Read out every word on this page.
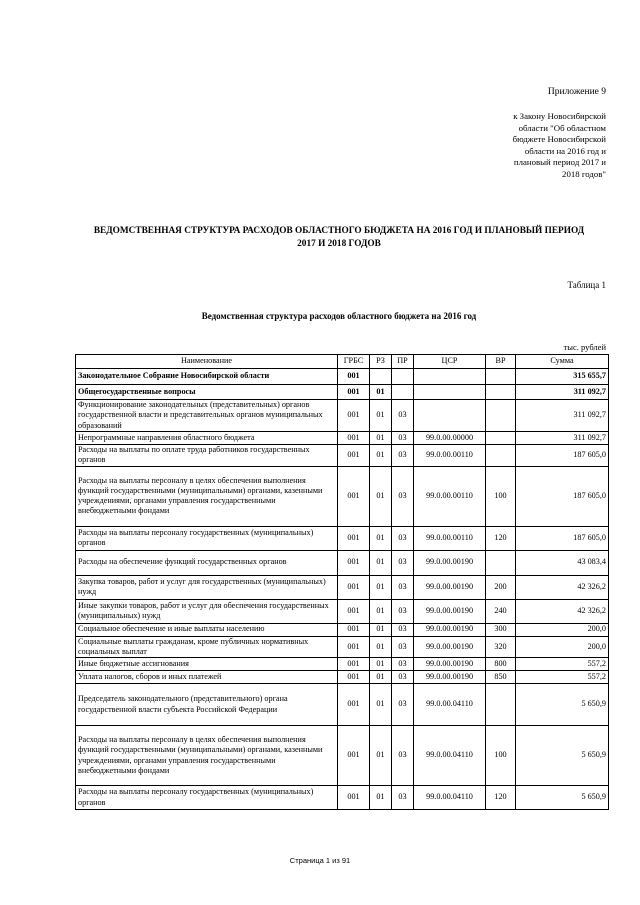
Приложение 9
к Закону Новосибирской
области "Об областном
бюджете Новосибирской
области на 2016 год и
плановый период 2017 и
2018 годов"
ВЕДОМСТВЕННАЯ СТРУКТУРА РАСХОДОВ ОБЛАСТНОГО БЮДЖЕТА НА 2016 ГОД И ПЛАНОВЫЙ ПЕРИОД
2017 И 2018 ГОДОВ
Таблица 1
Ведомственная структура расходов областного бюджета на 2016 год
тыс. рублей
Наименование	ГРБС	РЗ	ПР	ЦСР	ВР	Сумма
Законодательное Собрание Новосибирской области	001					315 655,7
Общегосударственные вопросы	001	01				311 092,7
Функционирование законодательных (представительных) органов государственной власти и представительных органов муниципальных образований	001	01	03			311 092,7
Непрограммные направления областного бюджета	001	01	03	99.0.00.00000		311 092,7
Расходы на выплаты по оплате труда работников государственных органов	001	01	03	99.0.00.00110		187 605,0
Расходы на выплаты персоналу в целях обеспечения выполнения функций государственными (муниципальными) органами, казенными учреждениями, органами управления государственными внебюджетными фондами	001	01	03	99.0.00.00110	100	187 605,0
Расходы на выплаты персоналу государственных (муниципальных) органов	001	01	03	99.0.00.00110	120	187 605,0
Расходы на обеспечение функций государственных органов	001	01	03	99.0.00.00190		43 083,4
Закупка товаров, работ и услуг для государственных (муниципальных) нужд	001	01	03	99.0.00.00190	200	42 326,2
Иные закупки товаров, работ и услуг для обеспечения государственных (муниципальных) нужд	001	01	03	99.0.00.00190	240	42 326,2
Социальное обеспечение и иные выплаты населению	001	01	03	99.0.00.00190	300	200,0
Социальные выплаты гражданам, кроме публичных нормативных социальных выплат	001	01	03	99.0.00.00190	320	200,0
Иные бюджетные ассигнования	001	01	03	99.0.00.00190	800	557,2
Уплата налогов, сборов и иных платежей	001	01	03	99.0.00.00190	850	557,2
Председатель законодательного (представительного) органа государственной власти субъекта Российской Федерации	001	01	03	99.0.00.04110		5 650,9
Расходы на выплаты персоналу в целях обеспечения выполнения функций государственными (муниципальными) органами, казенными учреждениями, органами управления государственными внебюджетными фондами	001	01	03	99.0.00.04110	100	5 650,9
Расходы на выплаты персоналу государственных (муниципальных) органов	001	01	03	99.0.00.04110	120	5 650,9
Страница 1 из 91
